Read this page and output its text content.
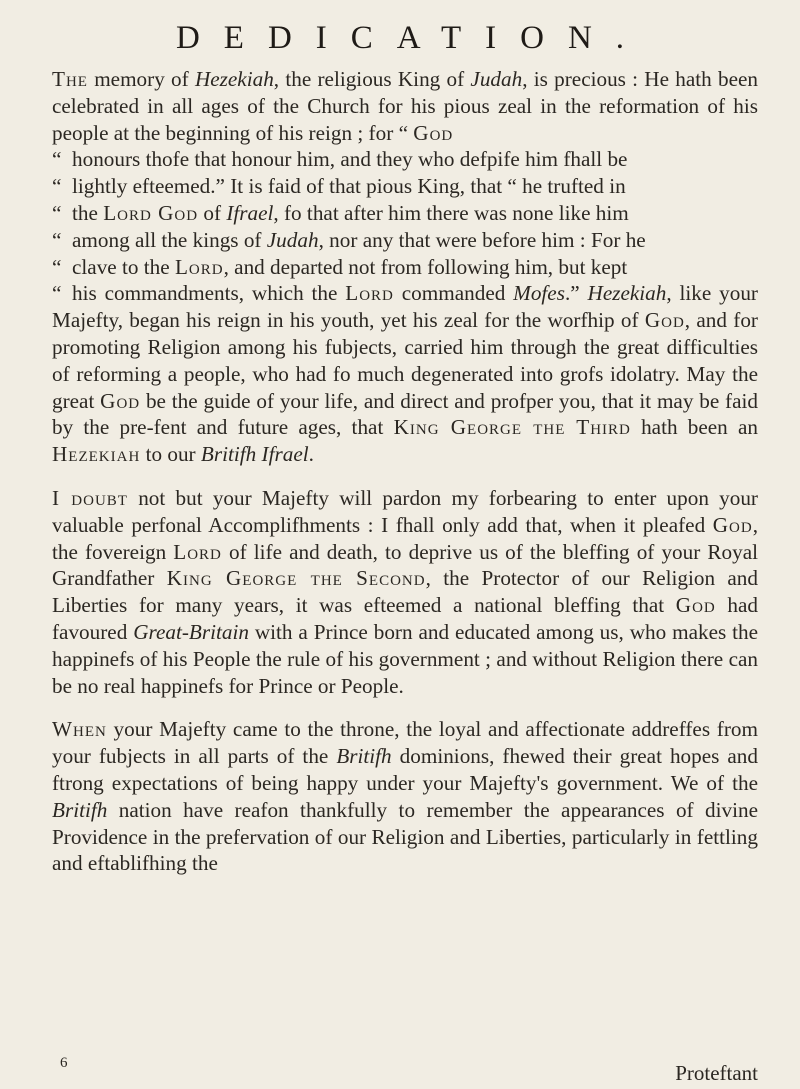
DEDICATION.

The memory of Hezekiah, the religious King of Judah, is precious : He hath been celebrated in all ages of the Church for his pious zeal in the reformation of his people at the beginning of his reign ; for “ God
“honours thofe that honour him, and they who defpife him fhall be
“lightly efteemed.” It is faid of that pious King, that “ he trufted in
“the Lord God of Ifrael, fo that after him there was none like him
“among all the kings of Judah, nor any that were before him : For he
“clave to the Lord, and departed not from following him, but kept
“his commandments, which the Lord commanded Mofes.” Hezekiah, like your Majefty, began his reign in his youth, yet his zeal for the worfhip of God, and for promoting Religion among his fubjects, carried him through the great difficulties of reforming a people, who had fo much degenerated into grofs idolatry. May the great God be the guide of your life, and direct and profper you, that it may be faid by the pre-fent and future ages, that King George the Third hath been an Hezekiah to our Britifh Ifrael.

I doubt not but your Majefty will pardon my forbearing to enter upon your valuable perfonal Accomplifhments : I fhall only add that, when it pleafed God, the fovereign Lord of life and death, to deprive us of the bleffing of your Royal Grandfather King George the Second, the Protector of our Religion and Liberties for many years, it was efteemed a national bleffing that God had favoured Great-Britain with a Prince born and educated among us, who makes the happinefs of his People the rule of his government ; and without Religion there can be no real happinefs for Prince or People.

When your Majefty came to the throne, the loyal and affectionate addreffes from your fubjects in all parts of the Britifh dominions, fhewed their great hopes and ftrong expectations of being happy under your Majefty's government. We of the Britifh nation have reafon thankfully to remember the appearances of divine Providence in the prefervation of our Religion and Liberties, particularly in fettling and eftablifhing the

6	Proteftant
